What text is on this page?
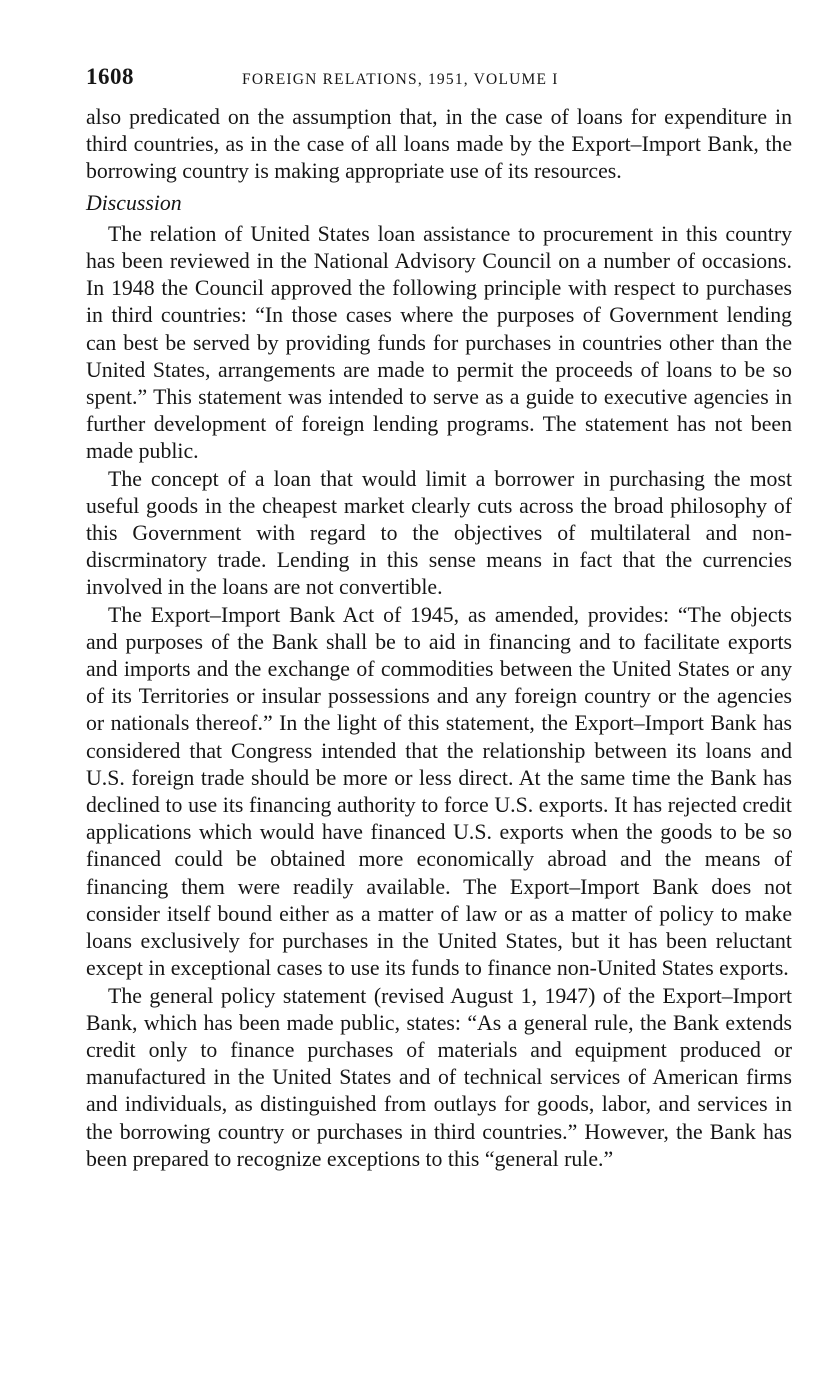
1608	FOREIGN RELATIONS, 1951, VOLUME I

also predicated on the assumption that, in the case of loans for expenditure in third countries, as in the case of all loans made by the Export–Import Bank, the borrowing country is making appropriate use of its resources.

Discussion

The relation of United States loan assistance to procurement in this country has been reviewed in the National Advisory Council on a number of occasions. In 1948 the Council approved the following principle with respect to purchases in third countries: “In those cases where the purposes of Government lending can best be served by providing funds for purchases in countries other than the United States, arrangements are made to permit the proceeds of loans to be so spent.” This statement was intended to serve as a guide to executive agencies in further development of foreign lending programs. The statement has not been made public.

The concept of a loan that would limit a borrower in purchasing the most useful goods in the cheapest market clearly cuts across the broad philosophy of this Government with regard to the objectives of multilateral and non-discrminatory trade. Lending in this sense means in fact that the currencies involved in the loans are not convertible.

The Export–Import Bank Act of 1945, as amended, provides: “The objects and purposes of the Bank shall be to aid in financing and to facilitate exports and imports and the exchange of commodities between the United States or any of its Territories or insular possessions and any foreign country or the agencies or nationals thereof.” In the light of this statement, the Export–Import Bank has considered that Congress intended that the relationship between its loans and U.S. foreign trade should be more or less direct. At the same time the Bank has declined to use its financing authority to force U.S. exports. It has rejected credit applications which would have financed U.S. exports when the goods to be so financed could be obtained more economically abroad and the means of financing them were readily available. The Export–Import Bank does not consider itself bound either as a matter of law or as a matter of policy to make loans exclusively for purchases in the United States, but it has been reluctant except in exceptional cases to use its funds to finance non-United States exports.

The general policy statement (revised August 1, 1947) of the Export–Import Bank, which has been made public, states: “As a general rule, the Bank extends credit only to finance purchases of materials and equipment produced or manufactured in the United States and of technical services of American firms and individuals, as distinguished from outlays for goods, labor, and services in the borrowing country or purchases in third countries.” However, the Bank has been prepared to recognize exceptions to this “general rule.”
